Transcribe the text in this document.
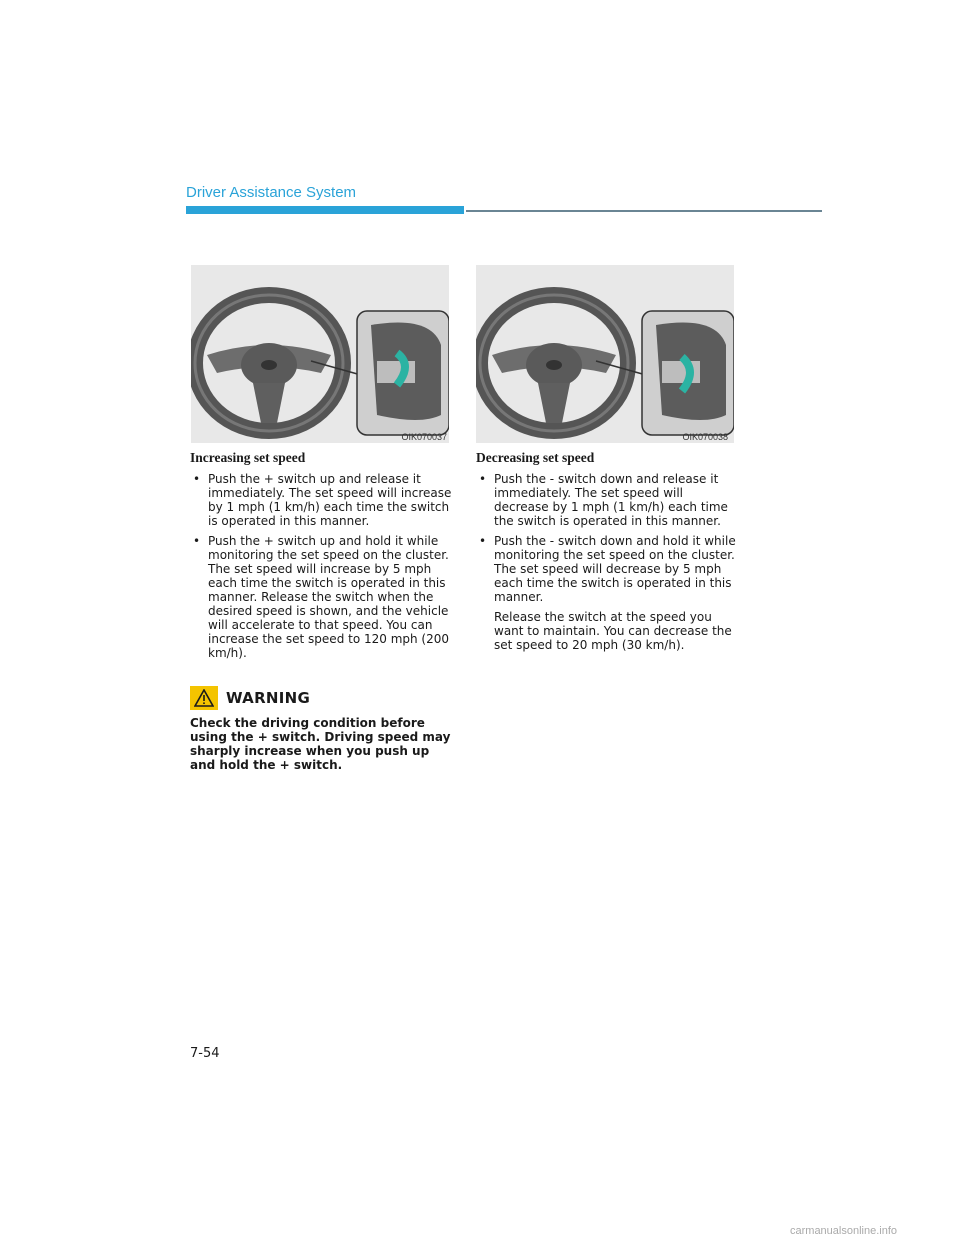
Driver Assistance System
OIK070037	OIK070038
Increasing set speed
• Push the + switch up and release it immediately. The set speed will increase by 1 mph (1 km/h) each time the switch is operated in this manner.
• Push the + switch up and hold it while monitoring the set speed on the cluster. The set speed will increase by 5 mph each time the switch is operated in this manner. Release the switch when the desired speed is shown, and the vehicle will accelerate to that speed. You can increase the set speed to 120 mph (200 km/h).
WARNING
Check the driving condition before using the + switch. Driving speed may sharply increase when you push up and hold the + switch.
Decreasing set speed
• Push the - switch down and release it immediately. The set speed will decrease by 1 mph (1 km/h) each time the switch is operated in this manner.
• Push the - switch down and hold it while monitoring the set speed on the cluster. The set speed will decrease by 5 mph each time the switch is operated in this manner.
Release the switch at the speed you want to maintain. You can decrease the set speed to 20 mph (30 km/h).
7-54
carmanualsonline.info
